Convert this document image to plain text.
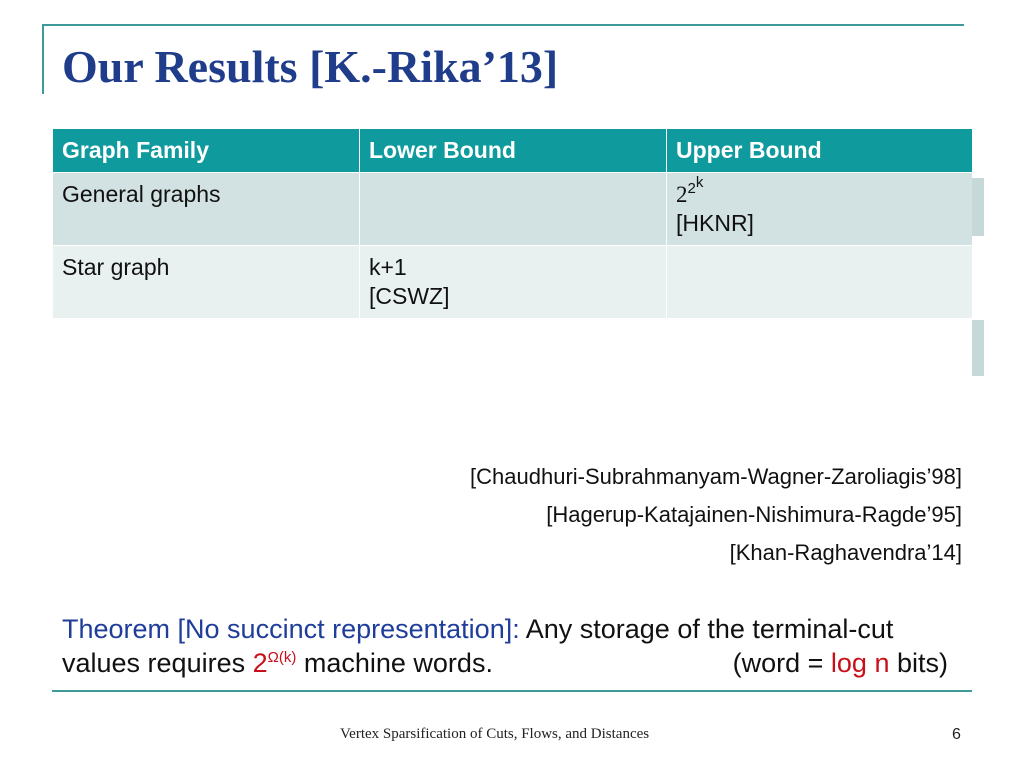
Our Results [K.-Rika’13]
Graph Family	Lower Bound	Upper Bound
General graphs		$2^{2^k}$
[HKNR]

Star graph	k+1
[CSWZ]	

[Chaudhuri-Subrahmanyam-Wagner-Zaroliagis’98]
[Hagerup-Katajainen-Nishimura-Ragde’95]
[Khan-Raghavendra’14]
Theorem [No succinct representation]: Any storage of the terminal-cut
values requires $2^{\Omega(k)}$ machine words.	(word = log n bits)
Vertex Sparsification of Cuts, Flows, and Distances	6
